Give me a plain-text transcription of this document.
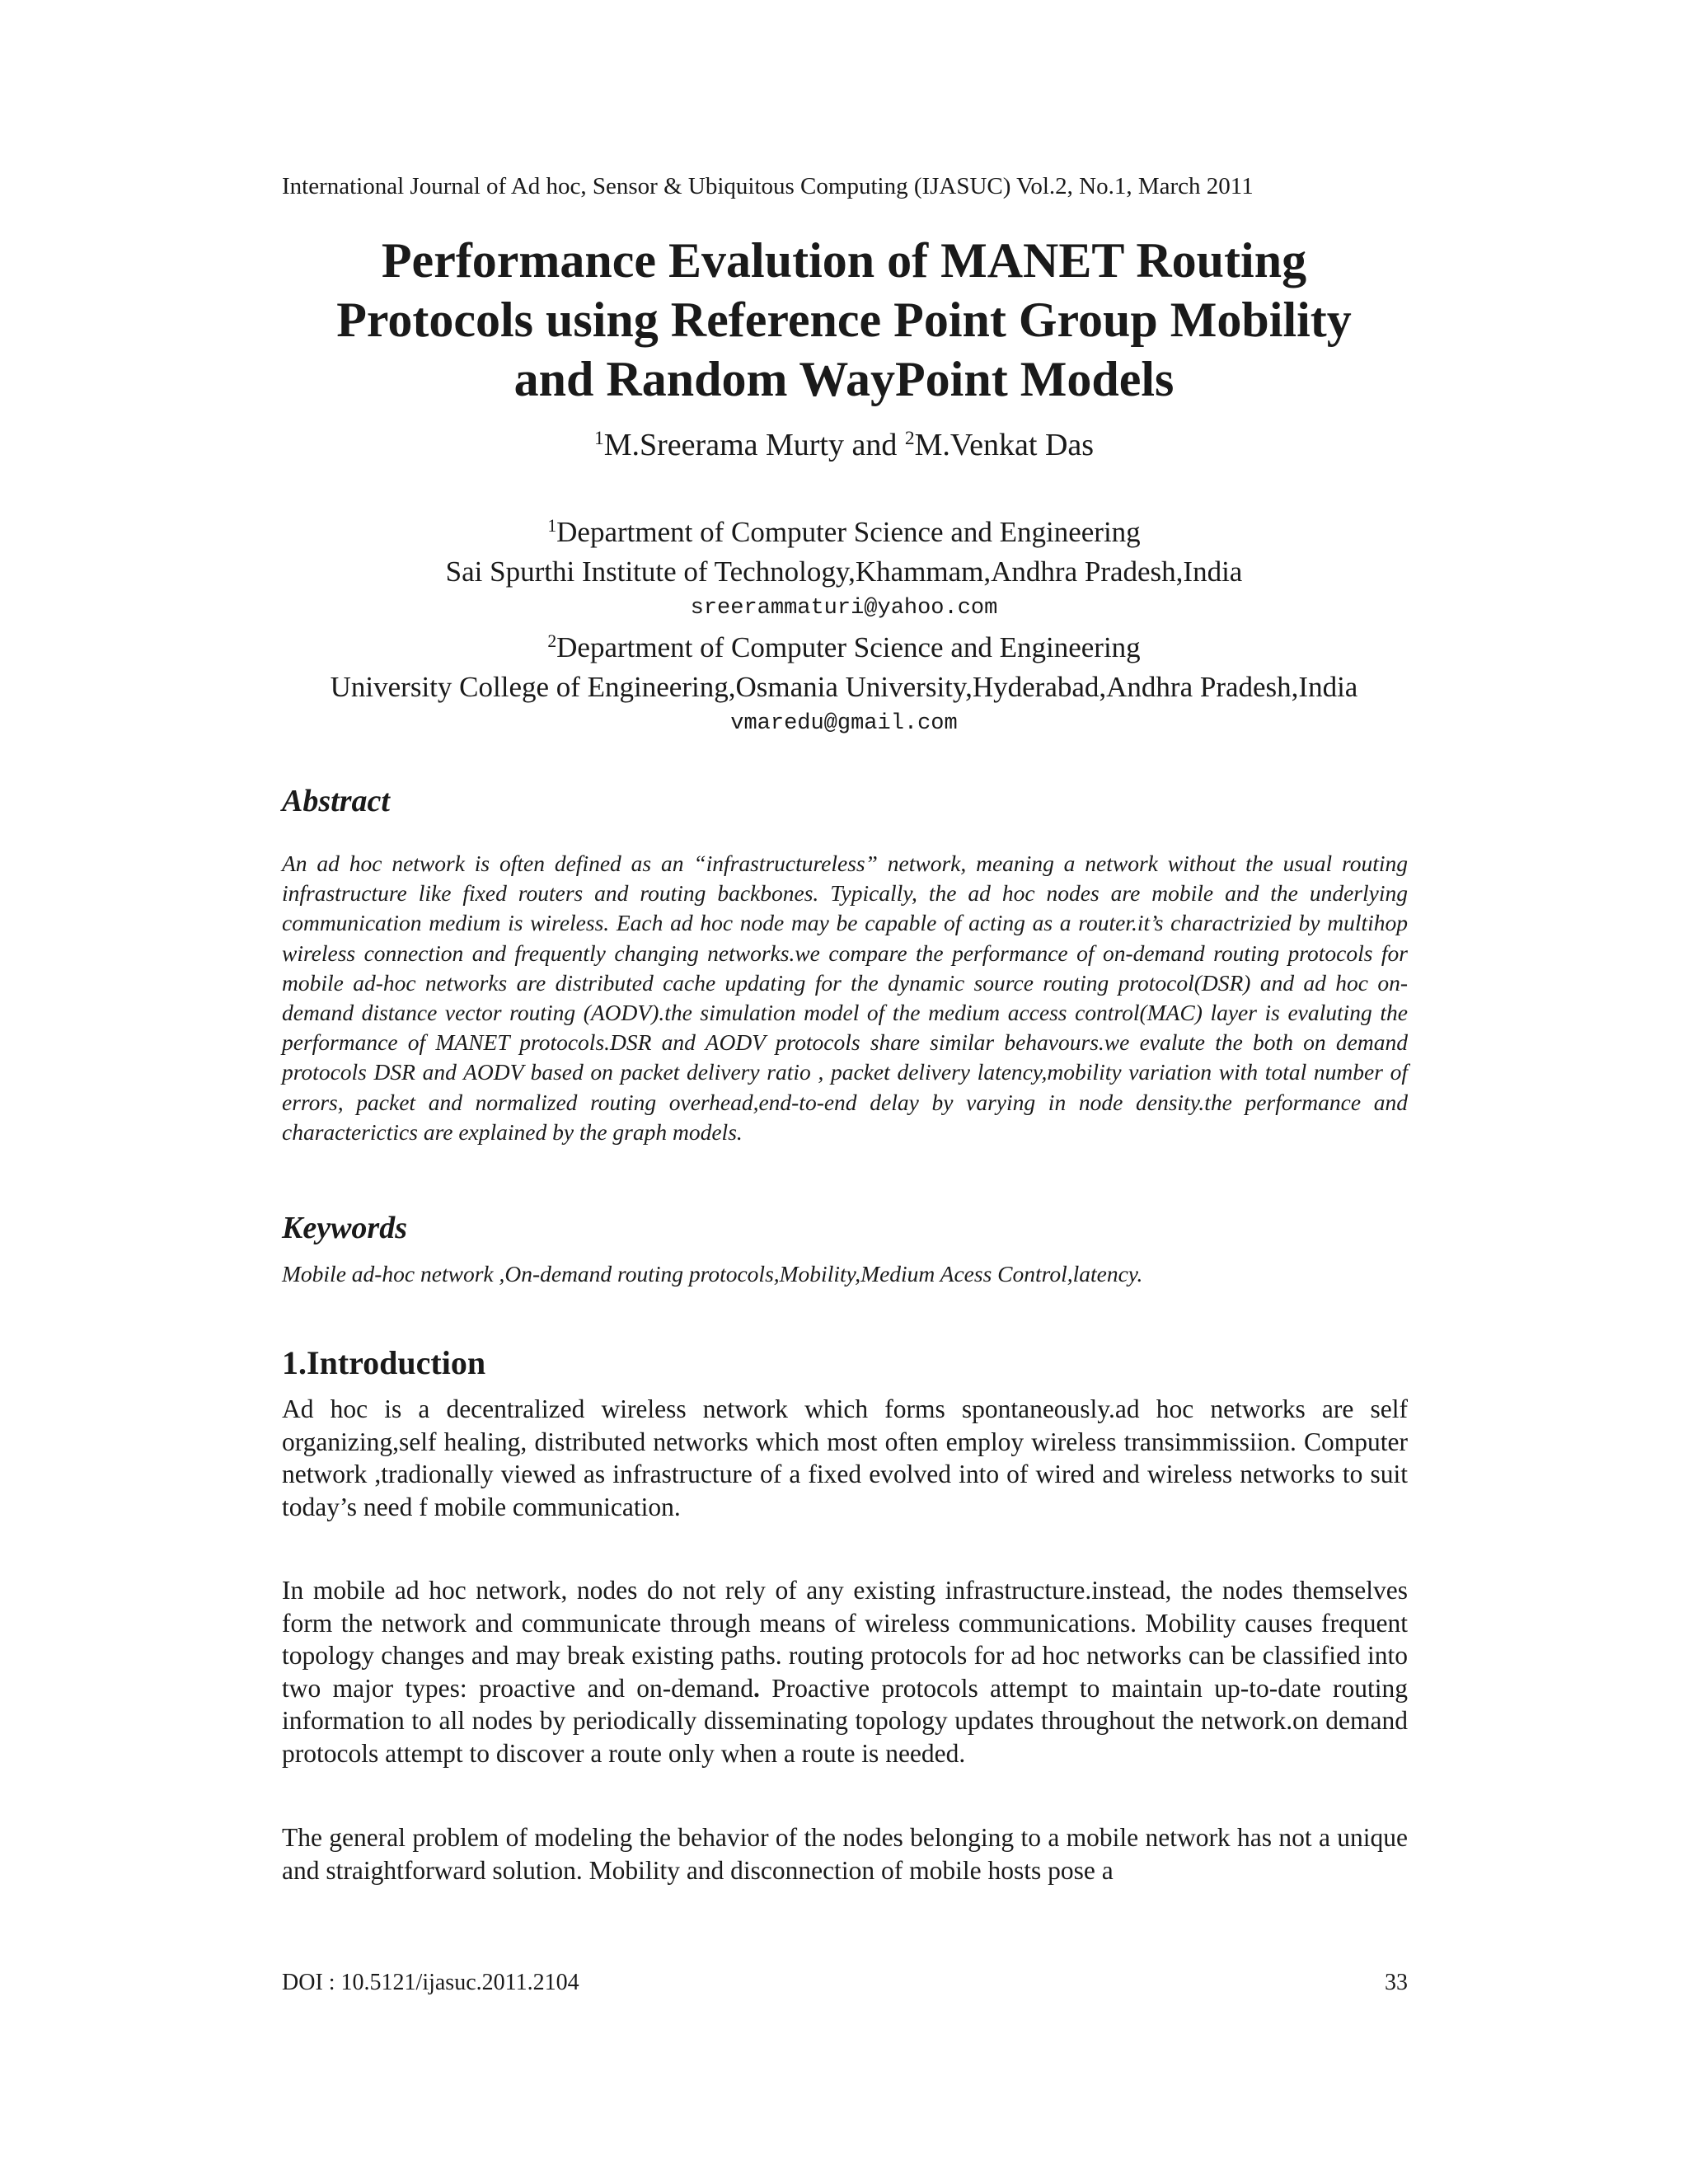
International Journal of Ad hoc, Sensor & Ubiquitous Computing (IJASUC) Vol.2, No.1, March 2011
Performance Evalution of MANET Routing
Protocols using Reference Point Group Mobility
and Random WayPoint Models
$^1$M.Sreerama Murty and $^2$M.Venkat Das
$^1$Department of Computer Science and Engineering
Sai Spurthi Institute of Technology,Khammam,Andhra Pradesh,India
sreerammaturi@yahoo.com
$^2$Department of Computer Science and Engineering
University College of Engineering,Osmania University,Hyderabad,Andhra Pradesh,India
vmaredu@gmail.com
Abstract
An ad hoc network is often defined as an “infrastructureless” network, meaning a network without the usual routing infrastructure like fixed routers and routing backbones. Typically, the ad hoc nodes are mobile and the underlying communication medium is wireless. Each ad hoc node may be capable of acting as a router.it’s charactrizied by multihop wireless connection and frequently changing networks.we compare the performance of on-demand routing protocols for mobile ad-hoc networks are distributed cache updating for the dynamic source routing protocol(DSR) and ad hoc on-demand distance vector routing (AODV).the simulation model of the medium access control(MAC) layer is evaluting the performance of MANET protocols.DSR and AODV protocols share similar behavours.we evalute the both on demand protocols DSR and AODV based on packet delivery ratio , packet delivery latency,mobility variation with total number of errors, packet and normalized routing overhead,end-to-end delay by varying in node density.the performance and characterictics are explained by the graph models.
Keywords
Mobile ad-hoc network ,On-demand routing protocols,Mobility,Medium Acess Control,latency.
1.Introduction
Ad hoc is a decentralized wireless network which forms spontaneously.ad hoc networks are self organizing,self healing, distributed networks which most often employ wireless transimmissiion. Computer network ,tradionally viewed as infrastructure of a fixed evolved into of wired and wireless networks to suit today’s need f mobile communication.
In mobile ad hoc network, nodes do not rely of any existing infrastructure.instead, the nodes themselves form the network and communicate through means of wireless communications. Mobility causes frequent topology changes and may break existing paths. routing protocols for ad hoc networks can be classified into two major types: proactive and on-demand. Proactive protocols attempt to maintain up-to-date routing information to all nodes by periodically disseminating topology updates throughout the network.on demand protocols attempt to discover a route only when a route is needed.
The general problem of modeling the behavior of the nodes belonging to a mobile network has not a unique and straightforward solution. Mobility and disconnection of mobile hosts pose a
DOI : 10.5121/ijasuc.2011.2104	33
